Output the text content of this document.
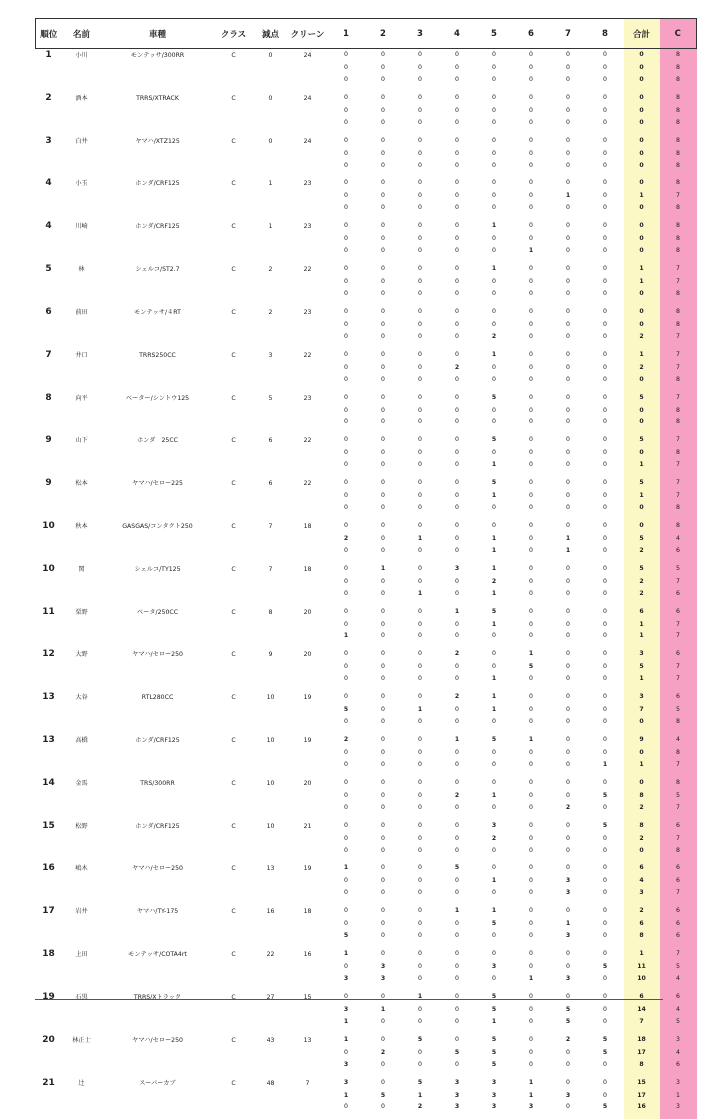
順位	名前	車種	クラス	減点	クリーン	1	2	3	4	5	6	7	8	合計	C
1	小川	モンテッサ/300RR	C	0	24	0	0	0	0	0	0	0	0	0	8
						0	0	0	0	0	0	0	0	0	8
						0	0	0	0	0	0	0	0	0	8

2	酒本	TRRS/XTRACK	C	0	24	0	0	0	0	0	0	0	0	0	8
						0	0	0	0	0	0	0	0	0	8
						0	0	0	0	0	0	0	0	0	8

3	白井	ヤマハ/XTZ125	C	0	24	0	0	0	0	0	0	0	0	0	8
						0	0	0	0	0	0	0	0	0	8
						0	0	0	0	0	0	0	0	0	8

4	小玉	ホンダ/CRF125	C	1	23	0	0	0	0	0	0	0	0	0	8
						0	0	0	0	0	0	1	0	1	7
						0	0	0	0	0	0	0	0	0	8

4	川崎	ホンダ/CRF125	C	1	23	0	0	0	0	1	0	0	0	0	8
						0	0	0	0	0	0	0	0	0	8
						0	0	0	0	0	1	0	0	0	8

5	林	シェルコ/ST2.7	C	2	22	0	0	0	0	1	0	0	0	1	7
						0	0	0	0	0	0	0	0	1	7
						0	0	0	0	0	0	0	0	0	8

6	前田	モンテッサ/４RT	C	2	23	0	0	0	0	0	0	0	0	0	8
						0	0	0	0	0	0	0	0	0	8
						0	0	0	0	2	0	0	0	2	7

7	井口	TRRS250CC	C	3	22	0	0	0	0	1	0	0	0	1	7
						0	0	0	2	0	0	0	0	2	7
						0	0	0	0	0	0	0	0	0	8

8	向平	ベーター/シントウ125	C	5	23	0	0	0	0	5	0	0	0	5	7
						0	0	0	0	0	0	0	0	0	8
						0	0	0	0	0	0	0	0	0	8

9	山下	ホンダ　25CC	C	6	22	0	0	0	0	5	0	0	0	5	7
						0	0	0	0	0	0	0	0	0	8
						0	0	0	0	1	0	0	0	1	7

9	松本	ヤマハ/セロー225	C	6	22	0	0	0	0	5	0	0	0	5	7
						0	0	0	0	1	0	0	0	1	7
						0	0	0	0	0	0	0	0	0	8

10	秋本	GASGAS/コンタクト250	C	7	18	0	0	0	0	0	0	0	0	0	8
						2	0	1	0	1	0	1	0	5	4
						0	0	0	0	1	0	1	0	2	6

10	関	シェルコ/TY125	C	7	18	0	1	0	3	1	0	0	0	5	5
						0	0	0	0	2	0	0	0	2	7
						0	0	1	0	1	0	0	0	2	6

11	栗野	ベータ/250CC	C	8	20	0	0	0	1	5	0	0	0	6	6
						0	0	0	0	1	0	0	0	1	7
						1	0	0	0	0	0	0	0	1	7

12	大野	ヤマハ/セロー250	C	9	20	0	0	0	2	0	1	0	0	3	6
						0	0	0	0	0	5	0	0	5	7
						0	0	0	0	1	0	0	0	1	7

13	大谷	RTL280CC	C	10	19	0	0	0	2	1	0	0	0	3	6
						5	0	1	0	1	0	0	0	7	5
						0	0	0	0	0	0	0	0	0	8

13	高橋	ホンダ/CRF125	C	10	19	2	0	0	1	5	1	0	0	9	4
						0	0	0	0	0	0	0	0	0	8
						0	0	0	0	0	0	0	1	1	7

14	金馬	TRS/300RR	C	10	20	0	0	0	0	0	0	0	0	0	8
						0	0	0	2	1	0	0	5	8	5
						0	0	0	0	0	0	2	0	2	7

15	松野	ホンダ/CRF125	C	10	21	0	0	0	0	3	0	0	5	8	6
						0	0	0	0	2	0	0	0	2	7
						0	0	0	0	0	0	0	0	0	8

16	嶋木	ヤマハ/セロー250	C	13	19	1	0	0	5	0	0	0	0	6	6
						0	0	0	0	1	0	3	0	4	6
						0	0	0	0	0	0	3	0	3	7

17	岩井	ヤマハ/TY-175	C	16	18	0	0	0	1	1	0	0	0	2	6
						0	0	0	0	5	0	1	0	6	6
						5	0	0	0	0	0	3	0	8	6

18	上田	モンテッサ/COTA4rt	C	22	16	1	0	0	0	0	0	0	0	1	7
						0	3	0	0	3	0	0	5	11	5
						3	3	0	0	0	1	3	0	10	4

19	石黒	TRRS/Xトラック	C	27	15	0	0	1	0	5	0	0	0	6	6
						3	1	0	0	5	0	5	0	14	4
						1	0	0	0	1	0	5	0	7	5

20	林正士	ヤマハ/セロー250	C	43	13	1	0	5	0	5	0	2	5	18	3
						0	2	0	5	5	0	0	5	17	4
						3	0	0	0	5	0	0	0	8	6

21	辻	スーパーカブ	C	48	7	3	0	5	3	3	1	0	0	15	3
						1	5	1	3	3	1	3	0	17	1
						0	0	2	3	3	3	0	5	16	3
